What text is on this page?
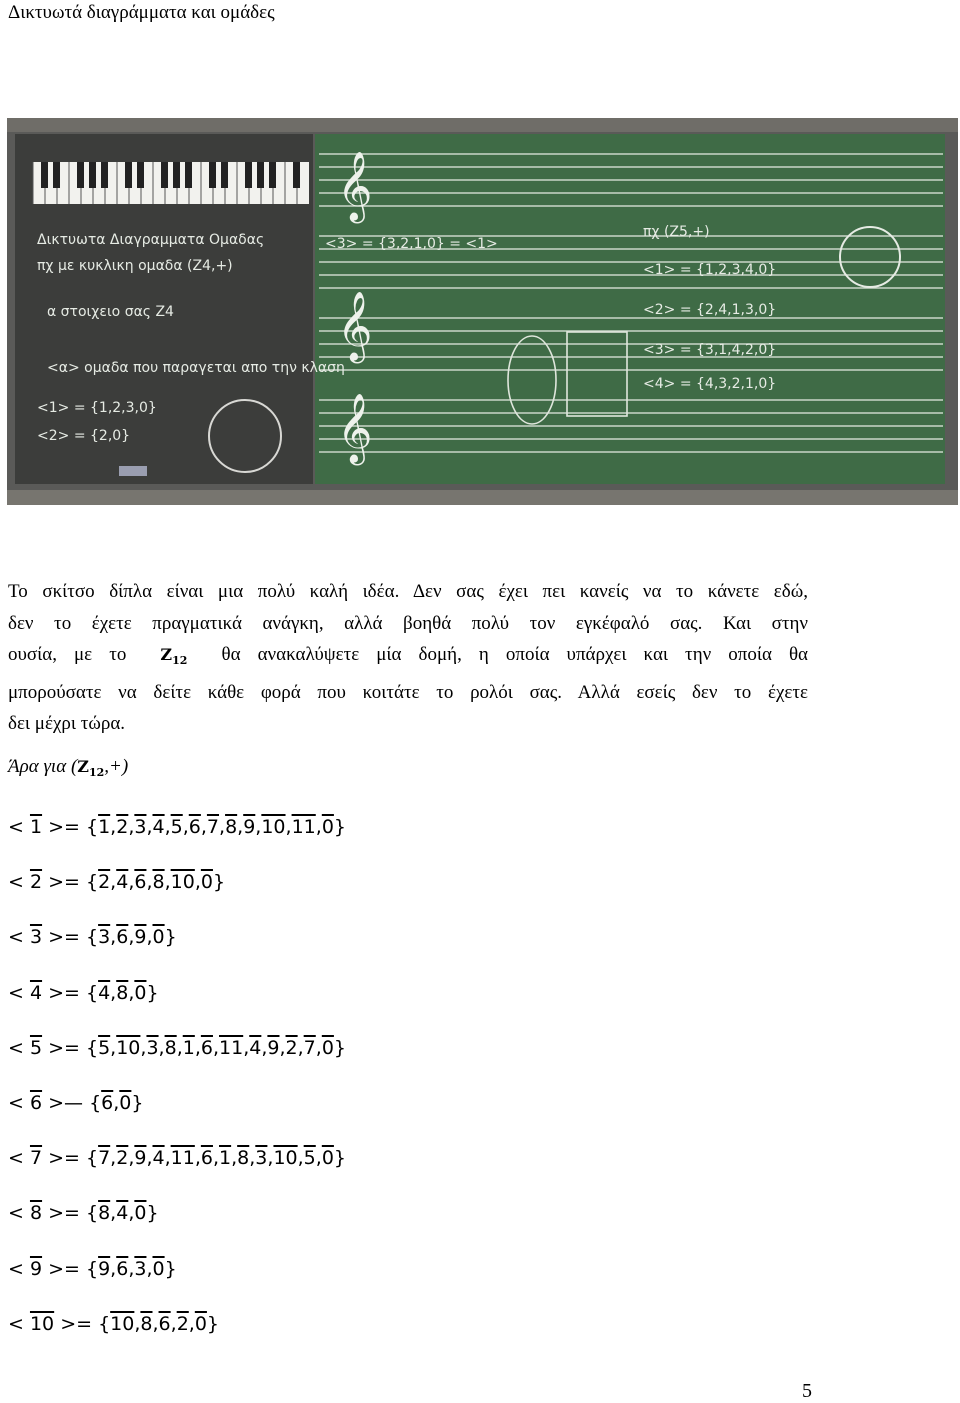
Δικτυωτά διαγράμματα και ομάδες
𝄞
𝄞
𝄞
Δικτυωτα Διαγραμματα Ομαδας
πχ με κυκλικη ομαδα (Z4,+)
α στοιχειο σας Z4
<α> ομαδα που παραγεται απο την κλαση
<1> = {1,2,3,0}
<2> = {2,0}
<3> = {3,2,1,0} = <1>
πχ (Z5,+)
<1> = {1,2,3,4,0}
<2> = {2,4,1,3,0}
<3> = {3,1,4,2,0}
<4> = {4,3,2,1,0}
Το σκίτσο δίπλα είναι μια πολύ καλή ιδέα. Δεν σας έχει πει κανείς να το κάνετε εδώ,
δεν το έχετε πραγματικά ανάγκη, αλλά βοηθά πολύ τον εγκέφαλό σας. Και στην
ουσία, με το $Z_{12}$ θα ανακαλύψετε μία δομή, η οποία υπάρχει και την οποία θα
μπορούσατε να δείτε κάθε φορά που κοιτάτε το ρολόι σας. Αλλά εσείς δεν το έχετε
δει μέχρι τώρα.
Άρα για $(Z_{12},+)$
< 1 >= {1,2,3,4,5,6,7,8,9,10,11,0}
< 2 >= {2,4,6,8,10,0}
< 3 >= {3,6,9,0}
< 4 >= {4,8,0}
< 5 >= {5,10,3,8,1,6,11,4,9,2,7,0}
< 6 >— {6,0}
< 7 >= {7,2,9,4,11,6,1,8,3,10,5,0}
< 8 >= {8,4,0}
< 9 >= {9,6,3,0}
< 10 >= {10,8,6,2,0}
5
